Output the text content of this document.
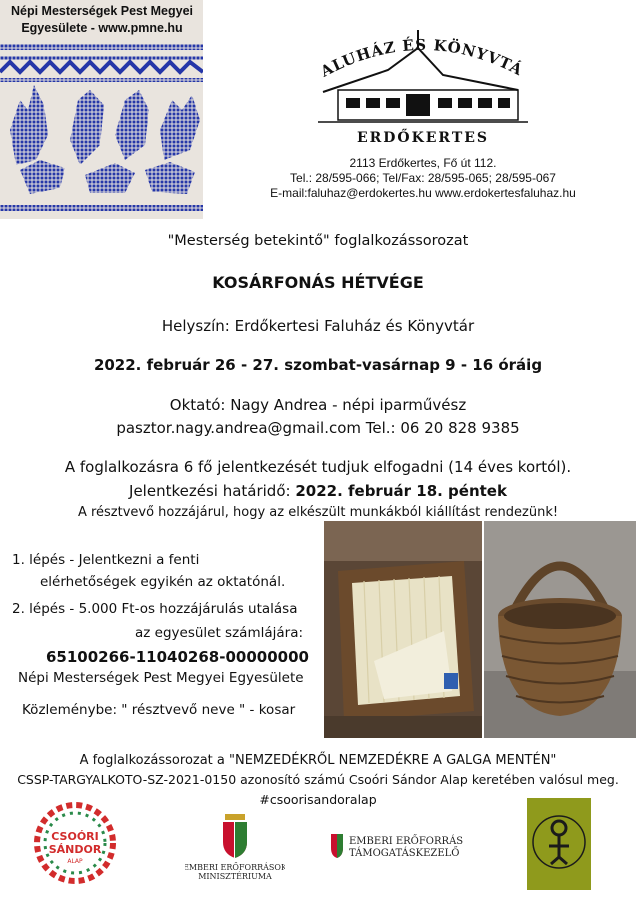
Népi Mesterségek Pest Megyei
Egyesülete - www.pmne.hu
ALUHÁZ ÉS KÖNYVTÁ
ERDŐKERTES
2113 Erdőkertes, Fő út 112.
Tel.: 28/595-066; Tel/Fax: 28/595-065; 28/595-067
E-mail:faluhaz@erdokertes.hu www.erdokertesfaluhaz.hu
"Mesterség betekintő" foglalkozássorozat
KOSÁRFONÁS HÉTVÉGE
Helyszín: Erdőkertesi Faluház és Könyvtár
2022. február 26 - 27. szombat-vasárnap 9 - 16 óráig
Oktató: Nagy Andrea - népi iparművész
pasztor.nagy.andrea@gmail.com Tel.: 06 20 828 9385
A foglalkozásra 6 fő jelentkezését tudjuk elfogadni (14 éves kortól).
Jelentkezési határidő: 2022. február 18. péntek
A résztvevő hozzájárul, hogy az elkészült munkákból kiállítást rendezünk!
1. lépés - Jelentkezni a fenti
elérhetőségek egyikén az oktatónál.
2. lépés - 5.000 Ft-os hozzájárulás utalása
az egyesület számlájára:
65100266-11040268-00000000
Népi Mesterségek Pest Megyei Egyesülete
Közleménybe: " résztvevő neve " - kosar
A foglalkozássorozat a "NEMZEDÉKRŐL NEMZEDÉKRE A GALGA MENTÉN"
CSSP-TARGYALKOTO-SZ-2021-0150 azonosító számú Csoóri Sándor Alap keretében valósul meg.
#csoorisandoralap
CSOÓRI
SÁNDOR
ALAP
EMBERI ERŐFORRÁSOK
MINISZTÉRIUMA
EMBERI ERŐFORRÁS
TÁMOGATÁSKEZELŐ
